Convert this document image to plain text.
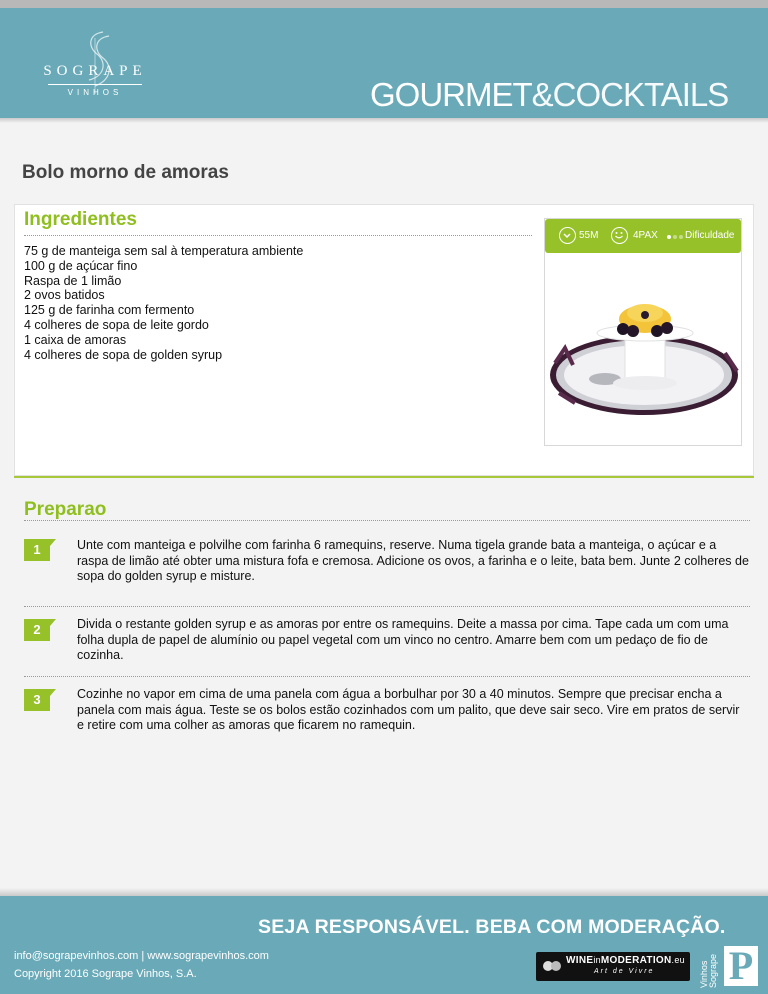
SOGRAPE
VINHOS	GOURMET&COCKTAILS
Bolo morno de amoras
Ingredientes
75 g de manteiga sem sal à temperatura ambiente
100 g de açúcar fino
Raspa de 1 limão
2 ovos batidos
125 g de farinha com fermento
4 colheres de sopa de leite gordo
1 caixa de amoras
4 colheres de sopa de golden syrup
55M	4PAX	Dificuldade
Preparao
1	Unte com manteiga e polvilhe com farinha 6 ramequins, reserve. Numa tigela grande bata a manteiga, o açúcar e a raspa de limão até obter uma mistura fofa e cremosa. Adicione os ovos, a farinha e o leite, bata bem. Junte 2 colheres de sopa do golden syrup e misture.

2	Divida o restante golden syrup e as amoras por entre os ramequins. Deite a massa por cima. Tape cada um com uma folha dupla de papel de alumínio ou papel vegetal com um vinco no centro. Amarre bem com um pedaço de fio de cozinha.

3	Cozinhe no vapor em cima de uma panela com água a borbulhar por 30 a 40 minutos. Sempre que precisar encha a panela com mais água. Teste se os bolos estão cozinhados com um palito, que deve sair seco. Vire em pratos de servir e retire com uma colher as amoras que ficarem no ramequin.

SEJA RESPONSÁVEL. BEBA COM MODERAÇÃO.
info@sograpevinhos.com | www.sograpevinhos.com
Copyright 2016 Sogrape Vinhos, S.A.
WINEinMODERATION.eu
Art de Vivre	Vinhos Sogrape P
